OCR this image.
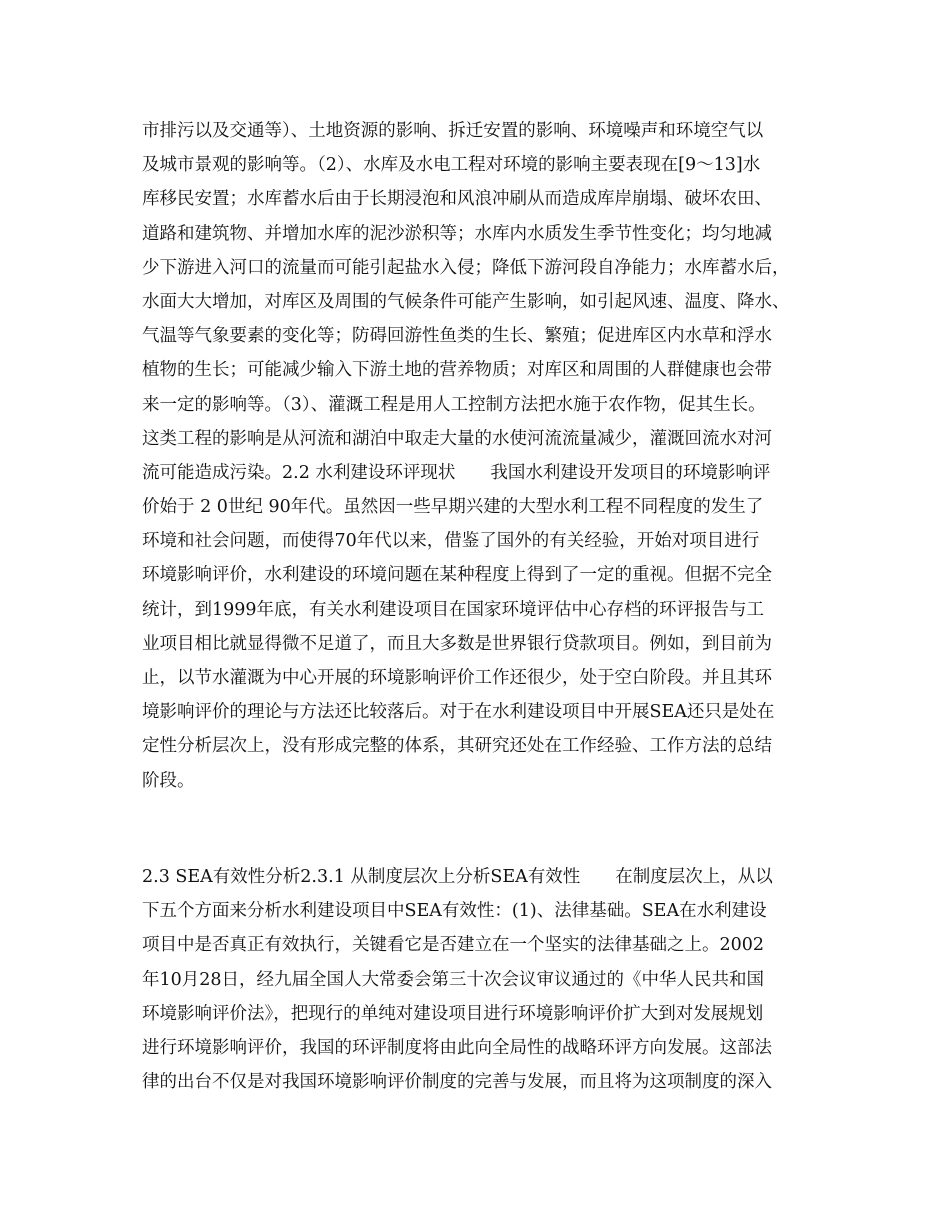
市排污以及交通等）、土地资源的影响、拆迁安置的影响、环境噪声和环境空气以
及城市景观的影响等。（2）、水库及水电工程对环境的影响主要表现在[9～13]水
库移民安置；水库蓄水后由于长期浸泡和风浪冲刷从而造成库岸崩塌、破坏农田、
道路和建筑物、并增加水库的泥沙淤积等；水库内水质发生季节性变化；均匀地减
少下游进入河口的流量而可能引起盐水入侵；降低下游河段自净能力；水库蓄水后，
水面大大增加，对库区及周围的气候条件可能产生影响，如引起风速、温度、降水、
气温等气象要素的变化等；防碍回游性鱼类的生长、繁殖；促进库区内水草和浮水
植物的生长；可能减少输入下游土地的营养物质；对库区和周围的人群健康也会带
来一定的影响等。（3）、灌溉工程是用人工控制方法把水施于农作物，促其生长。
这类工程的影响是从河流和湖泊中取走大量的水使河流流量减少，灌溉回流水对河
流可能造成污染。2.2 水利建设环评现状　　我国水利建设开发项目的环境影响评
价始于 2 0世纪 90年代。虽然因一些早期兴建的大型水利工程不同程度的发生了
环境和社会问题，而使得70年代以来，借鉴了国外的有关经验，开始对项目进行
环境影响评价，水利建设的环境问题在某种程度上得到了一定的重视。但据不完全
统计，到1999年底，有关水利建设项目在国家环境评估中心存档的环评报告与工
业项目相比就显得微不足道了，而且大多数是世界银行贷款项目。例如，到目前为
止，以节水灌溉为中心开展的环境影响评价工作还很少，处于空白阶段。并且其环
境影响评价的理论与方法还比较落后。对于在水利建设项目中开展SEA还只是处在
定性分析层次上，没有形成完整的体系，其研究还处在工作经验、工作方法的总结
阶段。
2.3 SEA有效性分析2.3.1 从制度层次上分析SEA有效性　　在制度层次上，从以
下五个方面来分析水利建设项目中SEA有效性：(1)、法律基础。SEA在水利建设
项目中是否真正有效执行，关键看它是否建立在一个坚实的法律基础之上。2002
年10月28日，经九届全国人大常委会第三十次会议审议通过的《中华人民共和国
环境影响评价法》，把现行的单纯对建设项目进行环境影响评价扩大到对发展规划
进行环境影响评价，我国的环评制度将由此向全局性的战略环评方向发展。这部法
律的出台不仅是对我国环境影响评价制度的完善与发展，而且将为这项制度的深入
